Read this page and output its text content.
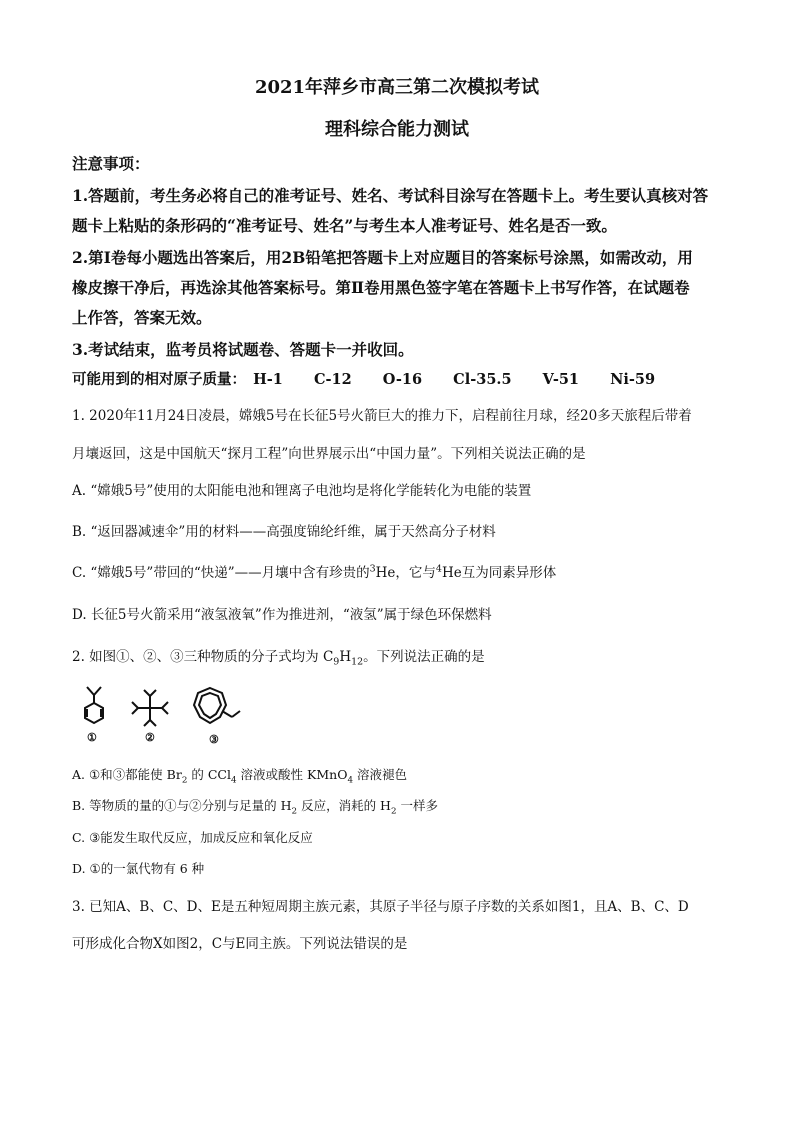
2021年萍乡市高三第二次模拟考试
理科综合能力测试
注意事项：
1.答题前，考生务必将自己的准考证号、姓名、考试科目涂写在答题卡上。考生要认真核对答
题卡上粘贴的条形码的“准考证号、姓名”与考生本人准考证号、姓名是否一致。
2.第Ⅰ卷每小题选出答案后，用2B铅笔把答题卡上对应题目的答案标号涂黑，如需改动，用
橡皮擦干净后，再选涂其他答案标号。第Ⅱ卷用黑色签字笔在答题卡上书写作答，在试题卷
上作答，答案无效。
3.考试结束，监考员将试题卷、答题卡一并收回。
可能用到的相对原子质量： H-1 C-12 O-16 Cl-35.5 V-51 Ni-59
1. 2020年11月24日凌晨，嫦娥5号在长征5号火箭巨大的推力下，启程前往月球，经20多天旅程后带着
月壤返回，这是中国航天“探月工程”向世界展示出“中国力量”。下列相关说法正确的是
A. “嫦娥5号”使用的太阳能电池和锂离子电池均是将化学能转化为电能的装置
B. “返回器减速伞”用的材料——高强度锦纶纤维，属于天然高分子材料
C. “嫦娥5号”带回的“快递”——月壤中含有珍贵的$^3$He，它与$^4$He互为同素异形体
D. 长征5号火箭采用“液氢液氧”作为推进剂，“液氢”属于绿色环保燃料
2. 如图①、②、③三种物质的分子式均为 $C_9H_{12}$。下列说法正确的是
①	②	③
A. ①和③都能使 $Br_2$ 的 CCl$_4$ 溶液或酸性 KMnO$_4$ 溶液褪色
B. 等物质的量的①与②分别与足量的 $H_2$ 反应，消耗的 $H_2$ 一样多
C. ③能发生取代反应，加成反应和氧化反应
D. ①的一氯代物有 6 种
3. 已知A、B、C、D、E是五种短周期主族元素，其原子半径与原子序数的关系如图1，且A、B、C、D
可形成化合物X如图2，C与E同主族。下列说法错误的是
